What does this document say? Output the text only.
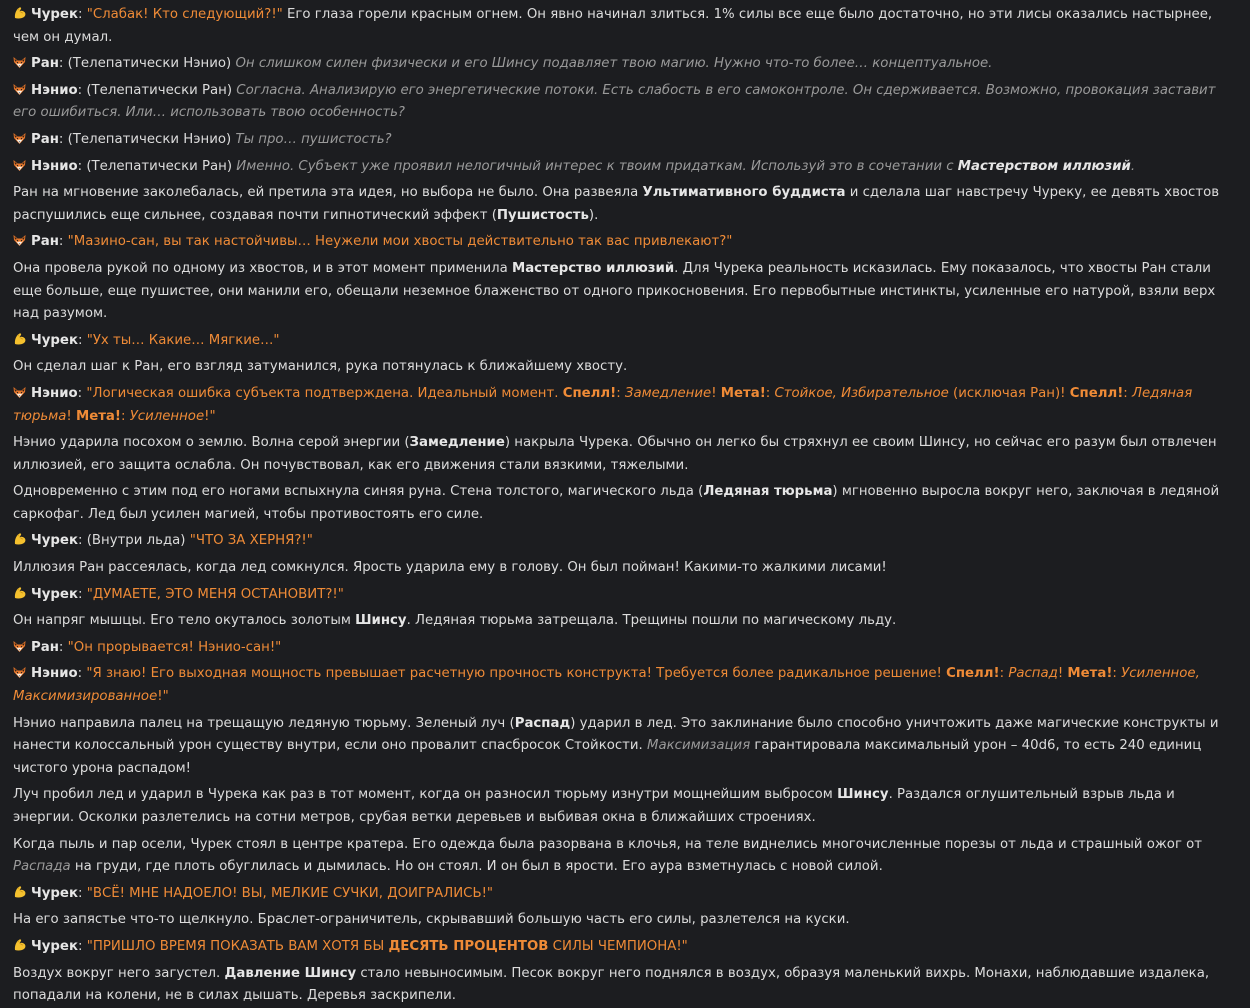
Чурек: "Слабак! Кто следующий?!" Его глаза горели красным огнем. Он явно начинал злиться. 1% силы все еще было достаточно, но эти лисы оказались настырнее, чем он думал.
Ран: (Телепатически Нэнио) Он слишком силен физически и его Шинсу подавляет твою магию. Нужно что-то более… концептуальное.
Нэнио: (Телепатически Ран) Согласна. Анализирую его энергетические потоки. Есть слабость в его самоконтроле. Он сдерживается. Возможно, провокация заставит его ошибиться. Или… использовать твою особенность?
Ран: (Телепатически Нэнио) Ты про… пушистость?
Нэнио: (Телепатически Ран) Именно. Субъект уже проявил нелогичный интерес к твоим придаткам. Используй это в сочетании с Мастерством иллюзий.
Ран на мгновение заколебалась, ей претила эта идея, но выбора не было. Она развеяла Ультимативного буддиста и сделала шаг навстречу Чуреку, ее девять хвостов распушились еще сильнее, создавая почти гипнотический эффект (Пушистость).
Ран: "Мазино-сан, вы так настойчивы… Неужели мои хвосты действительно так вас привлекают?"
Она провела рукой по одному из хвостов, и в этот момент применила Мастерство иллюзий. Для Чурека реальность исказилась. Ему показалось, что хвосты Ран стали еще больше, еще пушистее, они манили его, обещали неземное блаженство от одного прикосновения. Его первобытные инстинкты, усиленные его натурой, взяли верх над разумом.
Чурек: "Ух ты… Какие… Мягкие…"
Он сделал шаг к Ран, его взгляд затуманился, рука потянулась к ближайшему хвосту.
Нэнио: "Логическая ошибка субъекта подтверждена. Идеальный момент. Спелл!: Замедление! Мета!: Стойкое, Избирательное (исключая Ран)! Спелл!: Ледяная тюрьма! Мета!: Усиленное!"
Нэнио ударила посохом о землю. Волна серой энергии (Замедление) накрыла Чурека. Обычно он легко бы стряхнул ее своим Шинсу, но сейчас его разум был отвлечен иллюзией, его защита ослабла. Он почувствовал, как его движения стали вязкими, тяжелыми.
Одновременно с этим под его ногами вспыхнула синяя руна. Стена толстого, магического льда (Ледяная тюрьма) мгновенно выросла вокруг него, заключая в ледяной саркофаг. Лед был усилен магией, чтобы противостоять его силе.
Чурек: (Внутри льда) "ЧТО ЗА ХЕРНЯ?!"
Иллюзия Ран рассеялась, когда лед сомкнулся. Ярость ударила ему в голову. Он был пойман! Какими-то жалкими лисами!
Чурек: "ДУМАЕТЕ, ЭТО МЕНЯ ОСТАНОВИТ?!"
Он напряг мышцы. Его тело окуталось золотым Шинсу. Ледяная тюрьма затрещала. Трещины пошли по магическому льду.
Ран: "Он прорывается! Нэнио-сан!"
Нэнио: "Я знаю! Его выходная мощность превышает расчетную прочность конструкта! Требуется более радикальное решение! Спелл!: Распад! Мета!: Усиленное, Максимизированное!"
Нэнио направила палец на трещащую ледяную тюрьму. Зеленый луч (Распад) ударил в лед. Это заклинание было способно уничтожить даже магические конструкты и нанести колоссальный урон существу внутри, если оно провалит спасбросок Стойкости. Максимизация гарантировала максимальный урон – 40d6, то есть 240 единиц чистого урона распадом!
Луч пробил лед и ударил в Чурека как раз в тот момент, когда он разносил тюрьму изнутри мощнейшим выбросом Шинсу. Раздался оглушительный взрыв льда и энергии. Осколки разлетелись на сотни метров, срубая ветки деревьев и выбивая окна в ближайших строениях.
Когда пыль и пар осели, Чурек стоял в центре кратера. Его одежда была разорвана в клочья, на теле виднелись многочисленные порезы от льда и страшный ожог от Распада на груди, где плоть обуглилась и дымилась. Но он стоял. И он был в ярости. Его аура взметнулась с новой силой.
Чурек: "ВСЁ! МНЕ НАДОЕЛО! ВЫ, МЕЛКИЕ СУЧКИ, ДОИГРАЛИСЬ!"
На его запястье что-то щелкнуло. Браслет-ограничитель, скрывавший большую часть его силы, разлетелся на куски.
Чурек: "ПРИШЛО ВРЕМЯ ПОКАЗАТЬ ВАМ ХОТЯ БЫ ДЕСЯТЬ ПРОЦЕНТОВ СИЛЫ ЧЕМПИОНА!"
Воздух вокруг него загустел. Давление Шинсу стало невыносимым. Песок вокруг него поднялся в воздух, образуя маленький вихрь. Монахи, наблюдавшие издалека, попадали на колени, не в силах дышать. Деревья заскрипели.
